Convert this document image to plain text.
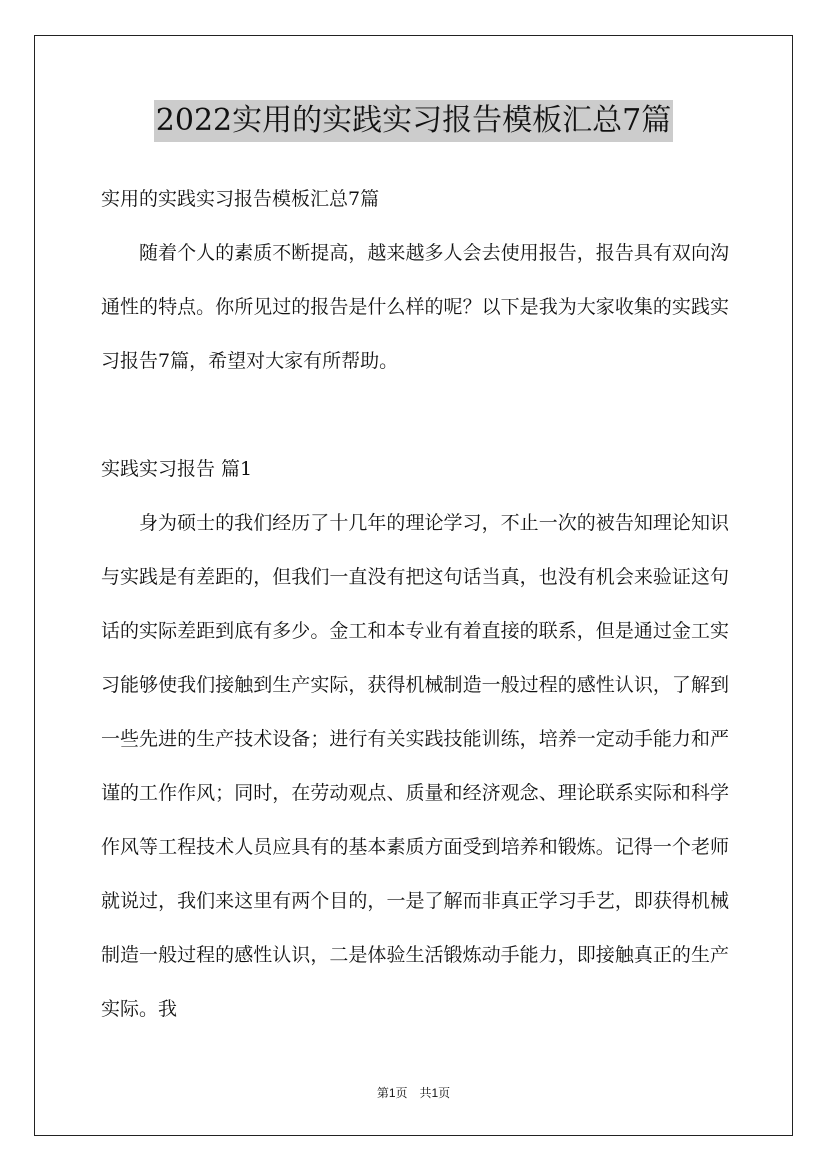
2022实用的实践实习报告模板汇总7篇

实用的实践实习报告模板汇总7篇

随着个人的素质不断提高，越来越多人会去使用报告，报告具有双向沟通性的特点。你所见过的报告是什么样的呢？以下是我为大家收集的实践实习报告7篇，希望对大家有所帮助。

实践实习报告 篇1

身为硕士的我们经历了十几年的理论学习，不止一次的被告知理论知识与实践是有差距的，但我们一直没有把这句话当真，也没有机会来验证这句话的实际差距到底有多少。金工和本专业有着直接的联系，但是通过金工实习能够使我们接触到生产实际，获得机械制造一般过程的感性认识，了解到一些先进的生产技术设备；进行有关实践技能训练，培养一定动手能力和严谨的工作作风；同时，在劳动观点、质量和经济观念、理论联系实际和科学作风等工程技术人员应具有的基本素质方面受到培养和锻炼。记得一个老师就说过，我们来这里有两个目的，一是了解而非真正学习手艺，即获得机械制造一般过程的感性认识，二是体验生活锻炼动手能力，即接触真正的生产实际。我

第1页　共1页
